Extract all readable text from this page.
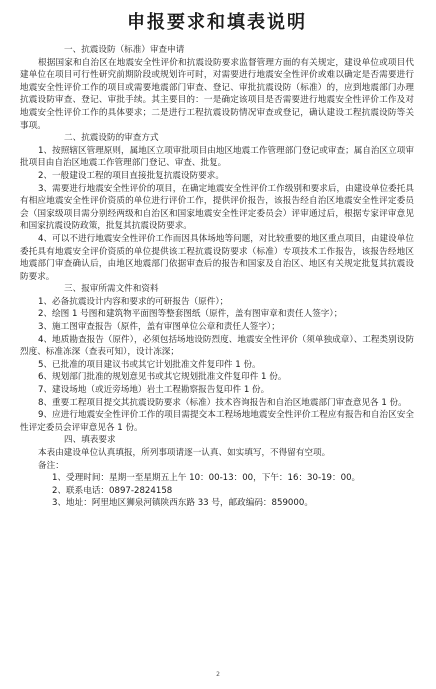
申报要求和填表说明
一、抗震设防（标准）审查申请
根据国家和自治区在地震安全性评价和抗震设防要求监督管理方面的有关规定，建设单位或项目代建单位在项目可行性研究前期阶段或规划许可时，对需要进行地震安全性评价或难以确定是否需要进行地震安全性评价工作的项目或需要地震部门审查、登记、审批抗震设防（标准）的，应到地震部门办理抗震设防审查、登记、审批手续。其主要目的：一是确定该项目是否需要进行地震安全性评价工作及对地震安全性评价工作的具体要求；二是进行工程抗震设防情况审查或登记，确认建设工程抗震设防等关事项。
二、抗震设防的审查方式
1、按照辖区管理原则，属地区立项审批项目由地区地震工作管理部门登记或审查；属自治区立项审批项目由自治区地震工作管理部门登记、审查、批复。
2、一般建设工程的项目直接批复抗震设防要求。
3、需要进行地震安全性评价的项目，在确定地震安全性评价工作级别和要求后，由建设单位委托具有相应地震安全性评价资质的单位进行评价工作，提供评价报告，该报告经自治区地震安全性评定委员会（国家级项目需分别经两级和自治区和国家地震安全性评定委员会）评审通过后，根据专家评审意见和国家抗震设防政策，批复其抗震设防要求。
4、可以不进行地震安全性评价工作而因具体场地等问题，对比较重要的地区重点项目，由建设单位委托具有地震安全评价资质的单位提供该工程抗震设防要求（标准）专项技术工作报告，该报告经地区地震部门审查确认后，由地区地震部门依据审查后的报告和国家及自治区、地区有关规定批复其抗震设防要求。
三、报审所需文件和资料
1、必备抗震设计内容和要求的可研报告（原件）；
2、绘图 1 号图和建筑物平面图等整套图纸（原件，盖有图审章和责任人签字）；
3、施工图审查报告（原件，盖有审图单位公章和责任人签字）；
4、地质勘查报告（原件），必须包括场地设防烈度、地震安全性评价（须单独成章）、工程类别设防烈度、标准冻深（查表可知），设计冻深；
5、已批准的项目建议书或其它计划批准文件复印件 1 份。
6、规划部门批准的规划意见书或其它规划批准文件复印件 1 份。
7、建设场地（或近旁场地）岩土工程勘察报告复印件 1 份。
8、重要工程项目提交其抗震设防要求（标准）技术咨询报告和自治区地震部门审查意见各 1 份。
9、应进行地震安全性评价工作的项目需提交本工程场地地震安全性评价工程应有报告和自治区安全性评定委员会评审意见各 1 份。
四、填表要求
本表由建设单位认真填报，所列事项请逐一认真、如实填写，不得留有空项。
备注：
1、受理时间：星期一至星期五上午 10：00-13：00，下午：16：30-19：00。
2、联系电话：0897-2824158
3、地址：阿里地区狮泉河镇陕西东路 33 号，邮政编码：859000。
2
